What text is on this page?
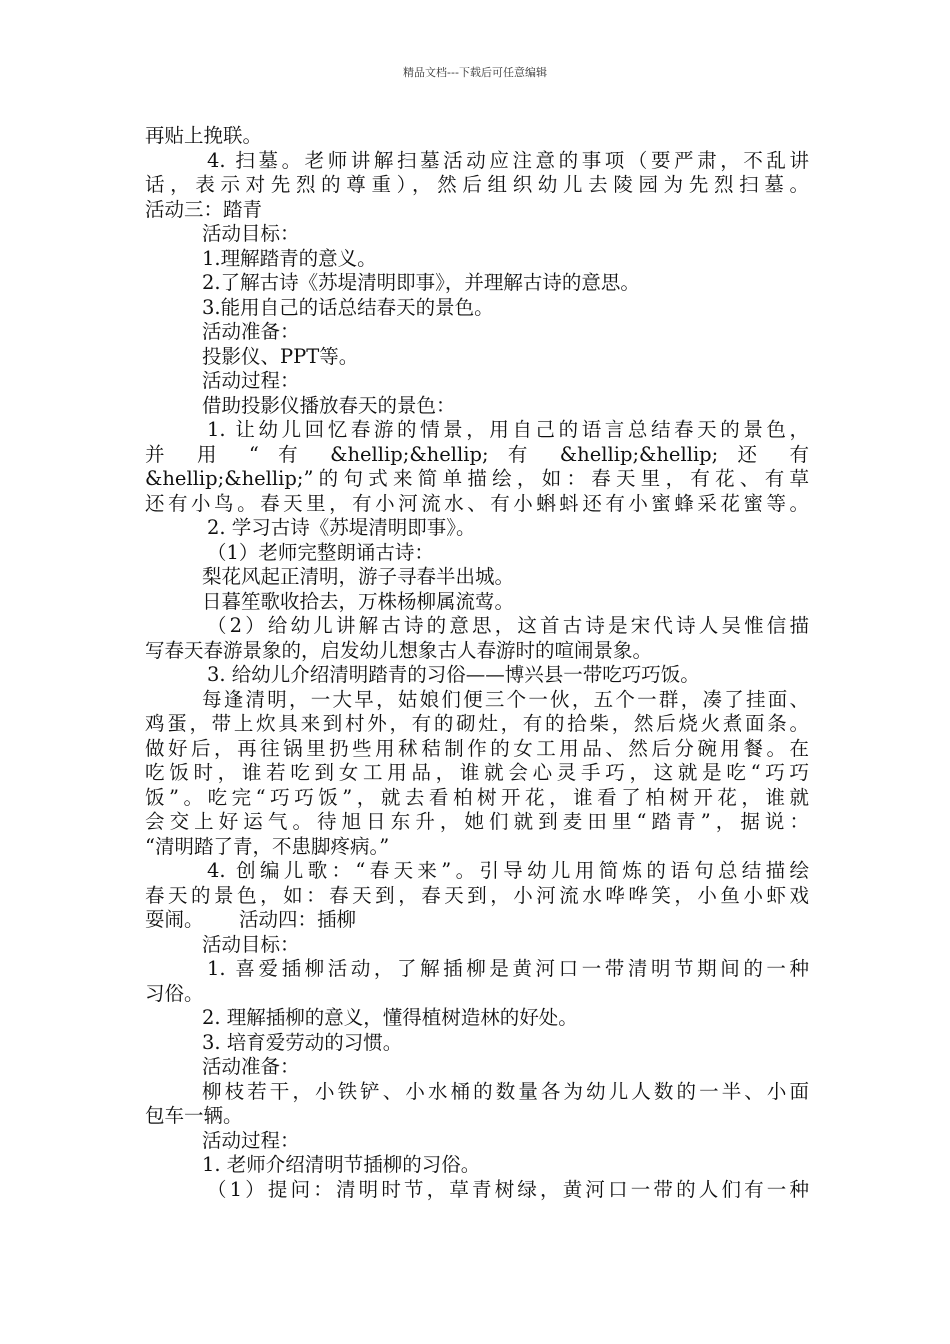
精品文档---下载后可任意编辑
再贴上挽联。
4. 扫墓。老师讲解扫墓活动应注意的事项（要严肃，不乱讲
话，表示对先烈的尊重），然后组织幼儿去陵园为先烈扫墓。
活动三：踏青
活动目标：
1.理解踏青的意义。
2.了解古诗《苏堤清明即事》，并理解古诗的意思。
3.能用自己的话总结春天的景色。
活动准备：
投影仪、PPT等。
活动过程：
借助投影仪播放春天的景色：
1. 让幼儿回忆春游的情景，用自己的语言总结春天的景色，
并 用 “ 有 &hellip;&hellip; 有 &hellip;&hellip; 还 有
&hellip;&hellip;”的句式来简单描绘，如：春天里，有花、有草
还有小鸟。春天里，有小河流水、有小蝌蚪还有小蜜蜂采花蜜等。
2. 学习古诗《苏堤清明即事》。
（1）老师完整朗诵古诗：
梨花风起正清明，游子寻春半出城。
日暮笙歌收拾去，万株杨柳属流莺。
（2）给幼儿讲解古诗的意思，这首古诗是宋代诗人吴惟信描
写春天春游景象的，启发幼儿想象古人春游时的喧闹景象。
3. 给幼儿介绍清明踏青的习俗——博兴县一带吃巧巧饭。
每逢清明，一大早，姑娘们便三个一伙，五个一群，凑了挂面、
鸡蛋，带上炊具来到村外，有的砌灶，有的拾柴，然后烧火煮面条。
做好后，再往锅里扔些用秫秸制作的女工用品、然后分碗用餐。在
吃饭时，谁若吃到女工用品，谁就会心灵手巧，这就是吃“巧巧
饭”。吃完“巧巧饭”，就去看柏树开花，谁看了柏树开花，谁就
会交上好运气。待旭日东升，她们就到麦田里“踏青”，据说：
“清明踏了青，不患脚疼病。”
4. 创编儿歌：“春天来”。引导幼儿用简炼的语句总结描绘
春天的景色，如：春天到，春天到，小河流水哗哗笑，小鱼小虾戏
耍闹。　　 活动四：插柳
活动目标：
1. 喜爱插柳活动，了解插柳是黄河口一带清明节期间的一种
习俗。
2. 理解插柳的意义，懂得植树造林的好处。
3. 培育爱劳动的习惯。
活动准备：
柳枝若干，小铁铲、小水桶的数量各为幼儿人数的一半、小面
包车一辆。
活动过程：
1. 老师介绍清明节插柳的习俗。
（1）提问：清明时节，草青树绿，黄河口一带的人们有一种
